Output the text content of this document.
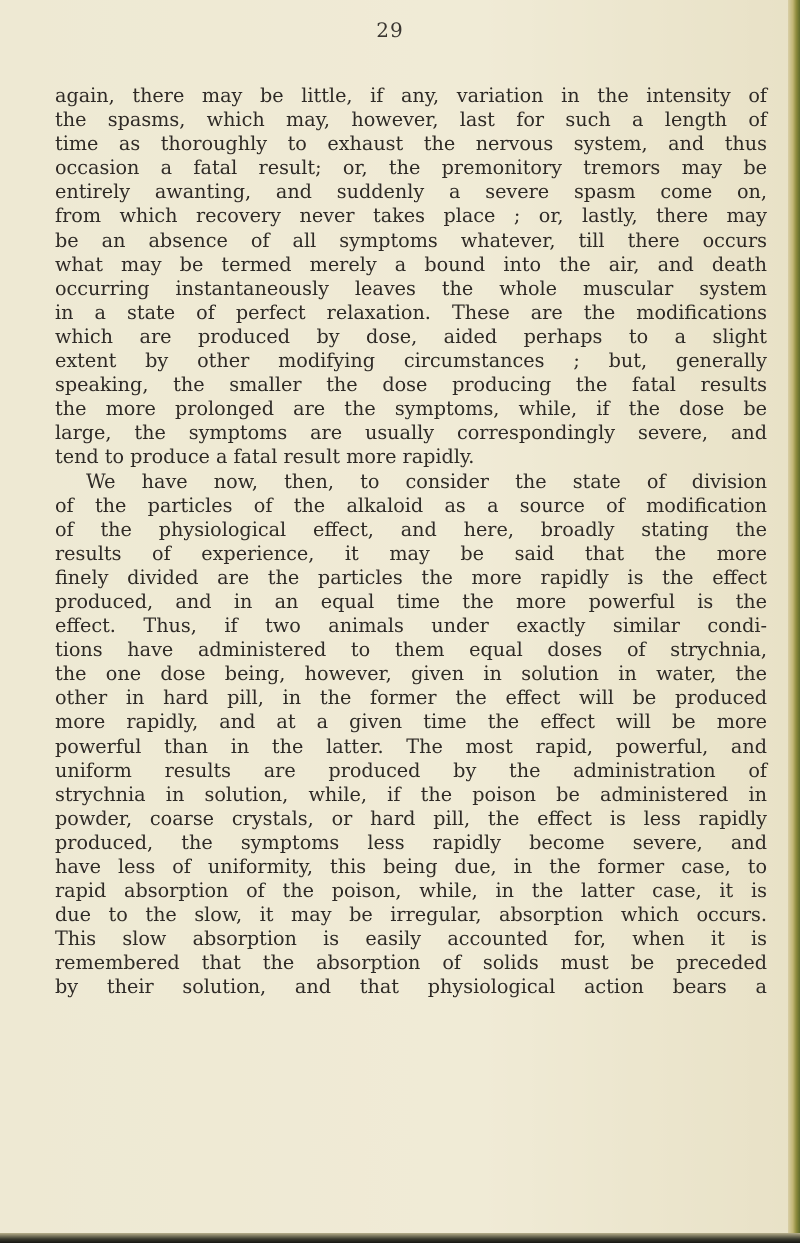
29
again, there may be little, if any, variation in the intensity of
the spasms, which may, however, last for such a length of
time as thoroughly to exhaust the nervous system, and thus
occasion a fatal result; or, the premonitory tremors may be
entirely awanting, and suddenly a severe spasm come on,
from which recovery never takes place ; or, lastly, there may
be an absence of all symptoms whatever, till there occurs
what may be termed merely a bound into the air, and death
occurring instantaneously leaves the whole muscular system
in a state of perfect relaxation. These are the modifications
which are produced by dose, aided perhaps to a slight
extent by other modifying circumstances ; but, generally
speaking, the smaller the dose producing the fatal results
the more prolonged are the symptoms, while, if the dose be
large, the symptoms are usually correspondingly severe, and
tend to produce a fatal result more rapidly.
We have now, then, to consider the state of division
of the particles of the alkaloid as a source of modification
of the physiological effect, and here, broadly stating the
results of experience, it may be said that the more
finely divided are the particles the more rapidly is the effect
produced, and in an equal time the more powerful is the
effect. Thus, if two animals under exactly similar condi-
tions have administered to them equal doses of strychnia,
the one dose being, however, given in solution in water, the
other in hard pill, in the former the effect will be produced
more rapidly, and at a given time the effect will be more
powerful than in the latter. The most rapid, powerful, and
uniform results are produced by the administration of
strychnia in solution, while, if the poison be administered in
powder, coarse crystals, or hard pill, the effect is less rapidly
produced, the symptoms less rapidly become severe, and
have less of uniformity, this being due, in the former case, to
rapid absorption of the poison, while, in the latter case, it is
due to the slow, it may be irregular, absorption which occurs.
This slow absorption is easily accounted for, when it is
remembered that the absorption of solids must be preceded
by their solution, and that physiological action bears a
